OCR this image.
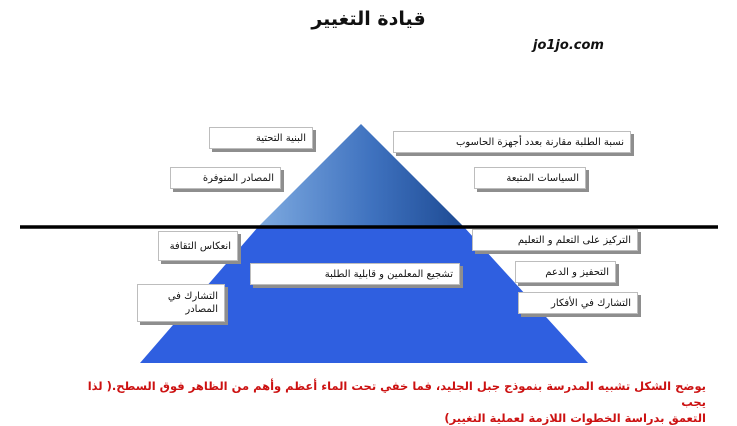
قيادة التغيير
jo1jo.com
البنية التحتية
المصادر المتوفرة
نسبة الطلبة مقارنة بعدد أجهزة الحاسوب
السياسات المتبعة
انعكاس الثقافة
تشجيع المعلمين و قابلية الطلبة
التشارك في المصادر
التركيز على التعلم و التعليم
التحفيز و الدعم
التشارك في الأفكار
يوضح الشكل تشبيه المدرسة بنموذج جبل الجليد، فما خفي تحت الماء أعظم وأهم من الظاهر فوق السطح.( لذا يجب
التعمق بدراسة الخطوات اللازمة لعملية التغيير)
